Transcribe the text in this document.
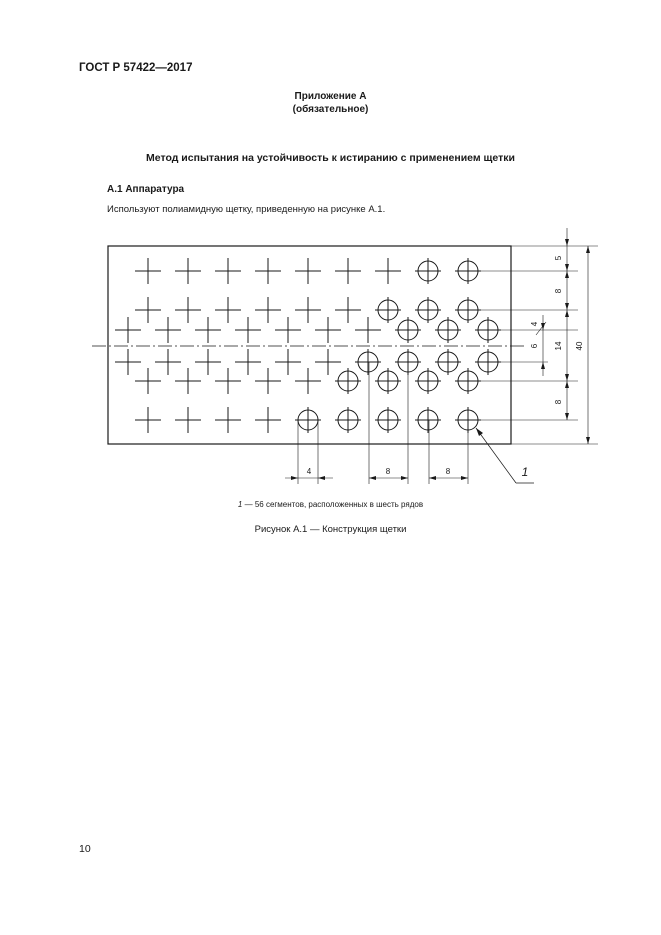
ГОСТ Р 57422—2017
Приложение А
(обязательное)
Метод испытания на устойчивость к истиранию с применением щетки
А.1 Аппаратура
Используют полиамидную щетку, приведенную на рисунке А.1.
5
8
4
6 14
8
40
4	8	8	1
1 — 56 сегментов, расположенных в шесть рядов
Рисунок А.1 — Конструкция щетки
10
